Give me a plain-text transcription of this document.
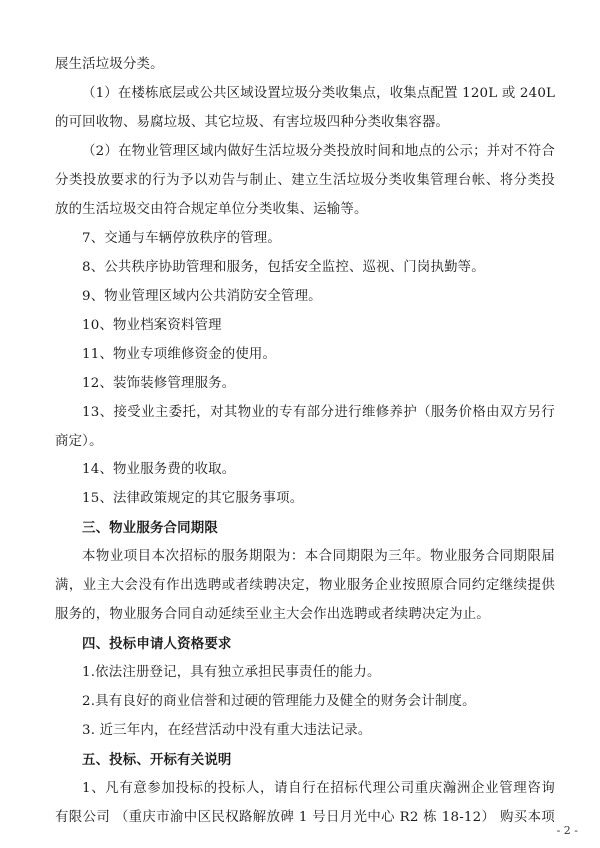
展生活垃圾分类。
（1）在楼栋底层或公共区域设置垃圾分类收集点，收集点配置 120L 或 240L
的可回收物、易腐垃圾、其它垃圾、有害垃圾四种分类收集容器。
（2）在物业管理区域内做好生活垃圾分类投放时间和地点的公示；并对不符合
分类投放要求的行为予以劝告与制止、建立生活垃圾分类收集管理台帐、将分类投
放的生活垃圾交由符合规定单位分类收集、运输等。
7、交通与车辆停放秩序的管理。
8、公共秩序协助管理和服务，包括安全监控、巡视、门岗执勤等。
9、物业管理区域内公共消防安全管理。
10、物业档案资料管理
11、物业专项维修资金的使用。
12、装饰装修管理服务。
13、接受业主委托，对其物业的专有部分进行维修养护（服务价格由双方另行
商定）。
14、物业服务费的收取。
15、法律政策规定的其它服务事项。
三、物业服务合同期限
本物业项目本次招标的服务期限为：本合同期限为三年。物业服务合同期限届
满，业主大会没有作出选聘或者续聘决定，物业服务企业按照原合同约定继续提供
服务的，物业服务合同自动延续至业主大会作出选聘或者续聘决定为止。
四、投标申请人资格要求
1.依法注册登记，具有独立承担民事责任的能力。
2.具有良好的商业信誉和过硬的管理能力及健全的财务会计制度。
3. 近三年内，在经营活动中没有重大违法记录。
五、投标、开标有关说明
1、凡有意参加投标的投标人，请自行在招标代理公司重庆瀚洲企业管理咨询
有限公司 （重庆市渝中区民权路解放碑 1 号日月光中心 R2 栋 18-12） 购买本项
- 2 -
